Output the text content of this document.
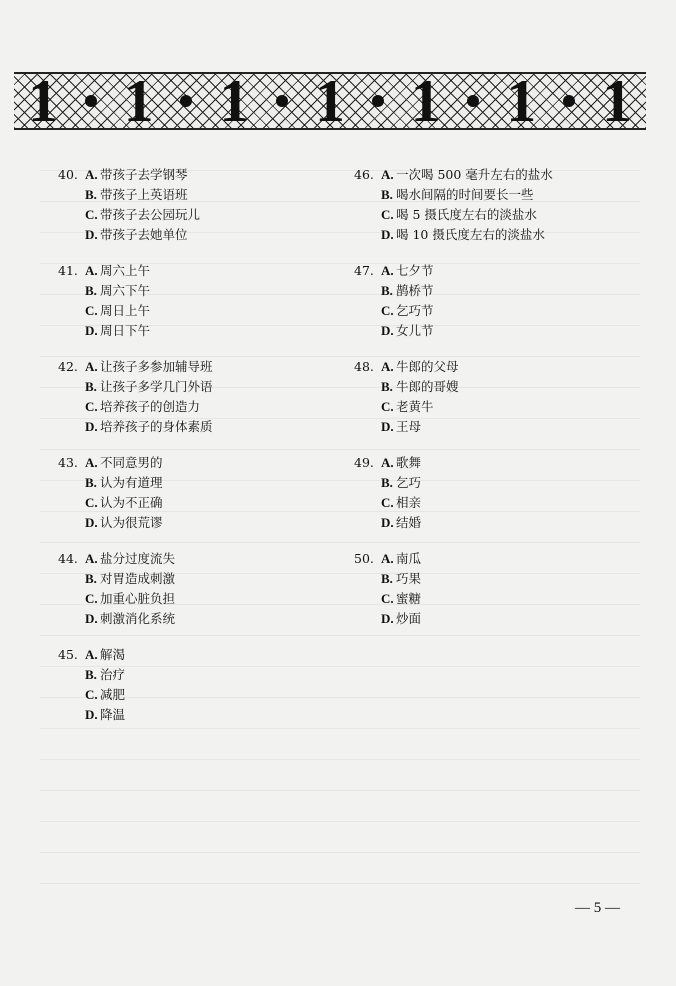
1 1 1 1 1 1 1
40. A. 带孩子去学钢琴
B. 带孩子上英语班
C. 带孩子去公园玩儿
D. 带孩子去她单位
41. A. 周六上午
B. 周六下午
C. 周日上午
D. 周日下午
42. A. 让孩子多参加辅导班
B. 让孩子多学几门外语
C. 培养孩子的创造力
D. 培养孩子的身体素质
43. A. 不同意男的
B. 认为有道理
C. 认为不正确
D. 认为很荒谬
44. A. 盐分过度流失
B. 对胃造成刺激
C. 加重心脏负担
D. 刺激消化系统
45. A. 解渴
B. 治疗
C. 减肥
D. 降温
46. A. 一次喝 500 毫升左右的盐水
B. 喝水间隔的时间要长一些
C. 喝 5 摄氏度左右的淡盐水
D. 喝 10 摄氏度左右的淡盐水
47. A. 七夕节
B. 鹊桥节
C. 乞巧节
D. 女儿节
48. A. 牛郎的父母
B. 牛郎的哥嫂
C. 老黄牛
D. 王母
49. A. 歌舞
B. 乞巧
C. 相亲
D. 结婚
50. A. 南瓜
B. 巧果
C. 蜜糖
D. 炒面
— 5 —
